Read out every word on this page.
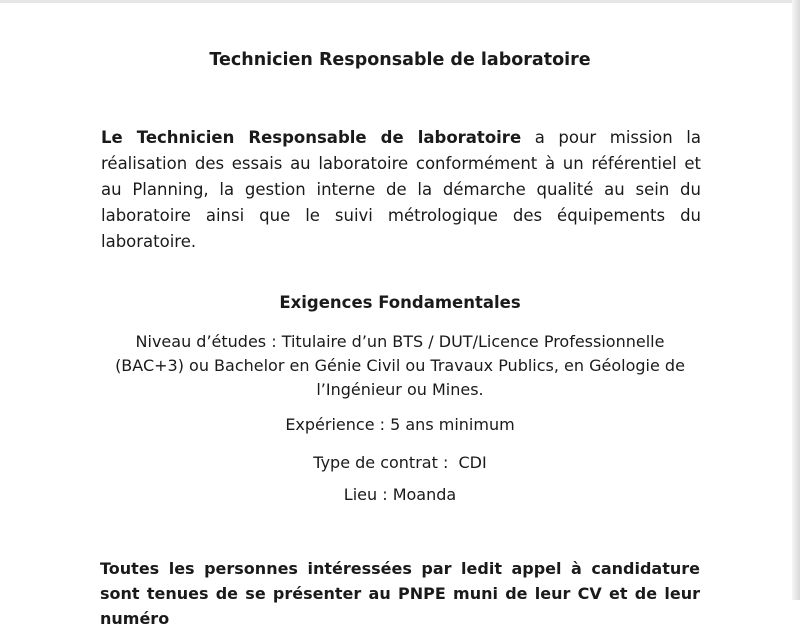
Technicien Responsable de laboratoire

Le Technicien Responsable de laboratoire a pour mission la réalisation des essais au laboratoire conformément à un référentiel et au Planning, la gestion interne de la démarche qualité au sein du laboratoire ainsi que le suivi métrologique des équipements du laboratoire.

Exigences Fondamentales

Niveau d’études : Titulaire d’un BTS / DUT/Licence Professionnelle (BAC+3) ou Bachelor en Génie Civil ou Travaux Publics, en Géologie de l’Ingénieur ou Mines.

Expérience : 5 ans minimum

Type de contrat :  CDI

Lieu : Moanda

Toutes les personnes intéressées par ledit appel à candidature sont tenues de se présenter au PNPE muni de leur CV et de leur numéro
